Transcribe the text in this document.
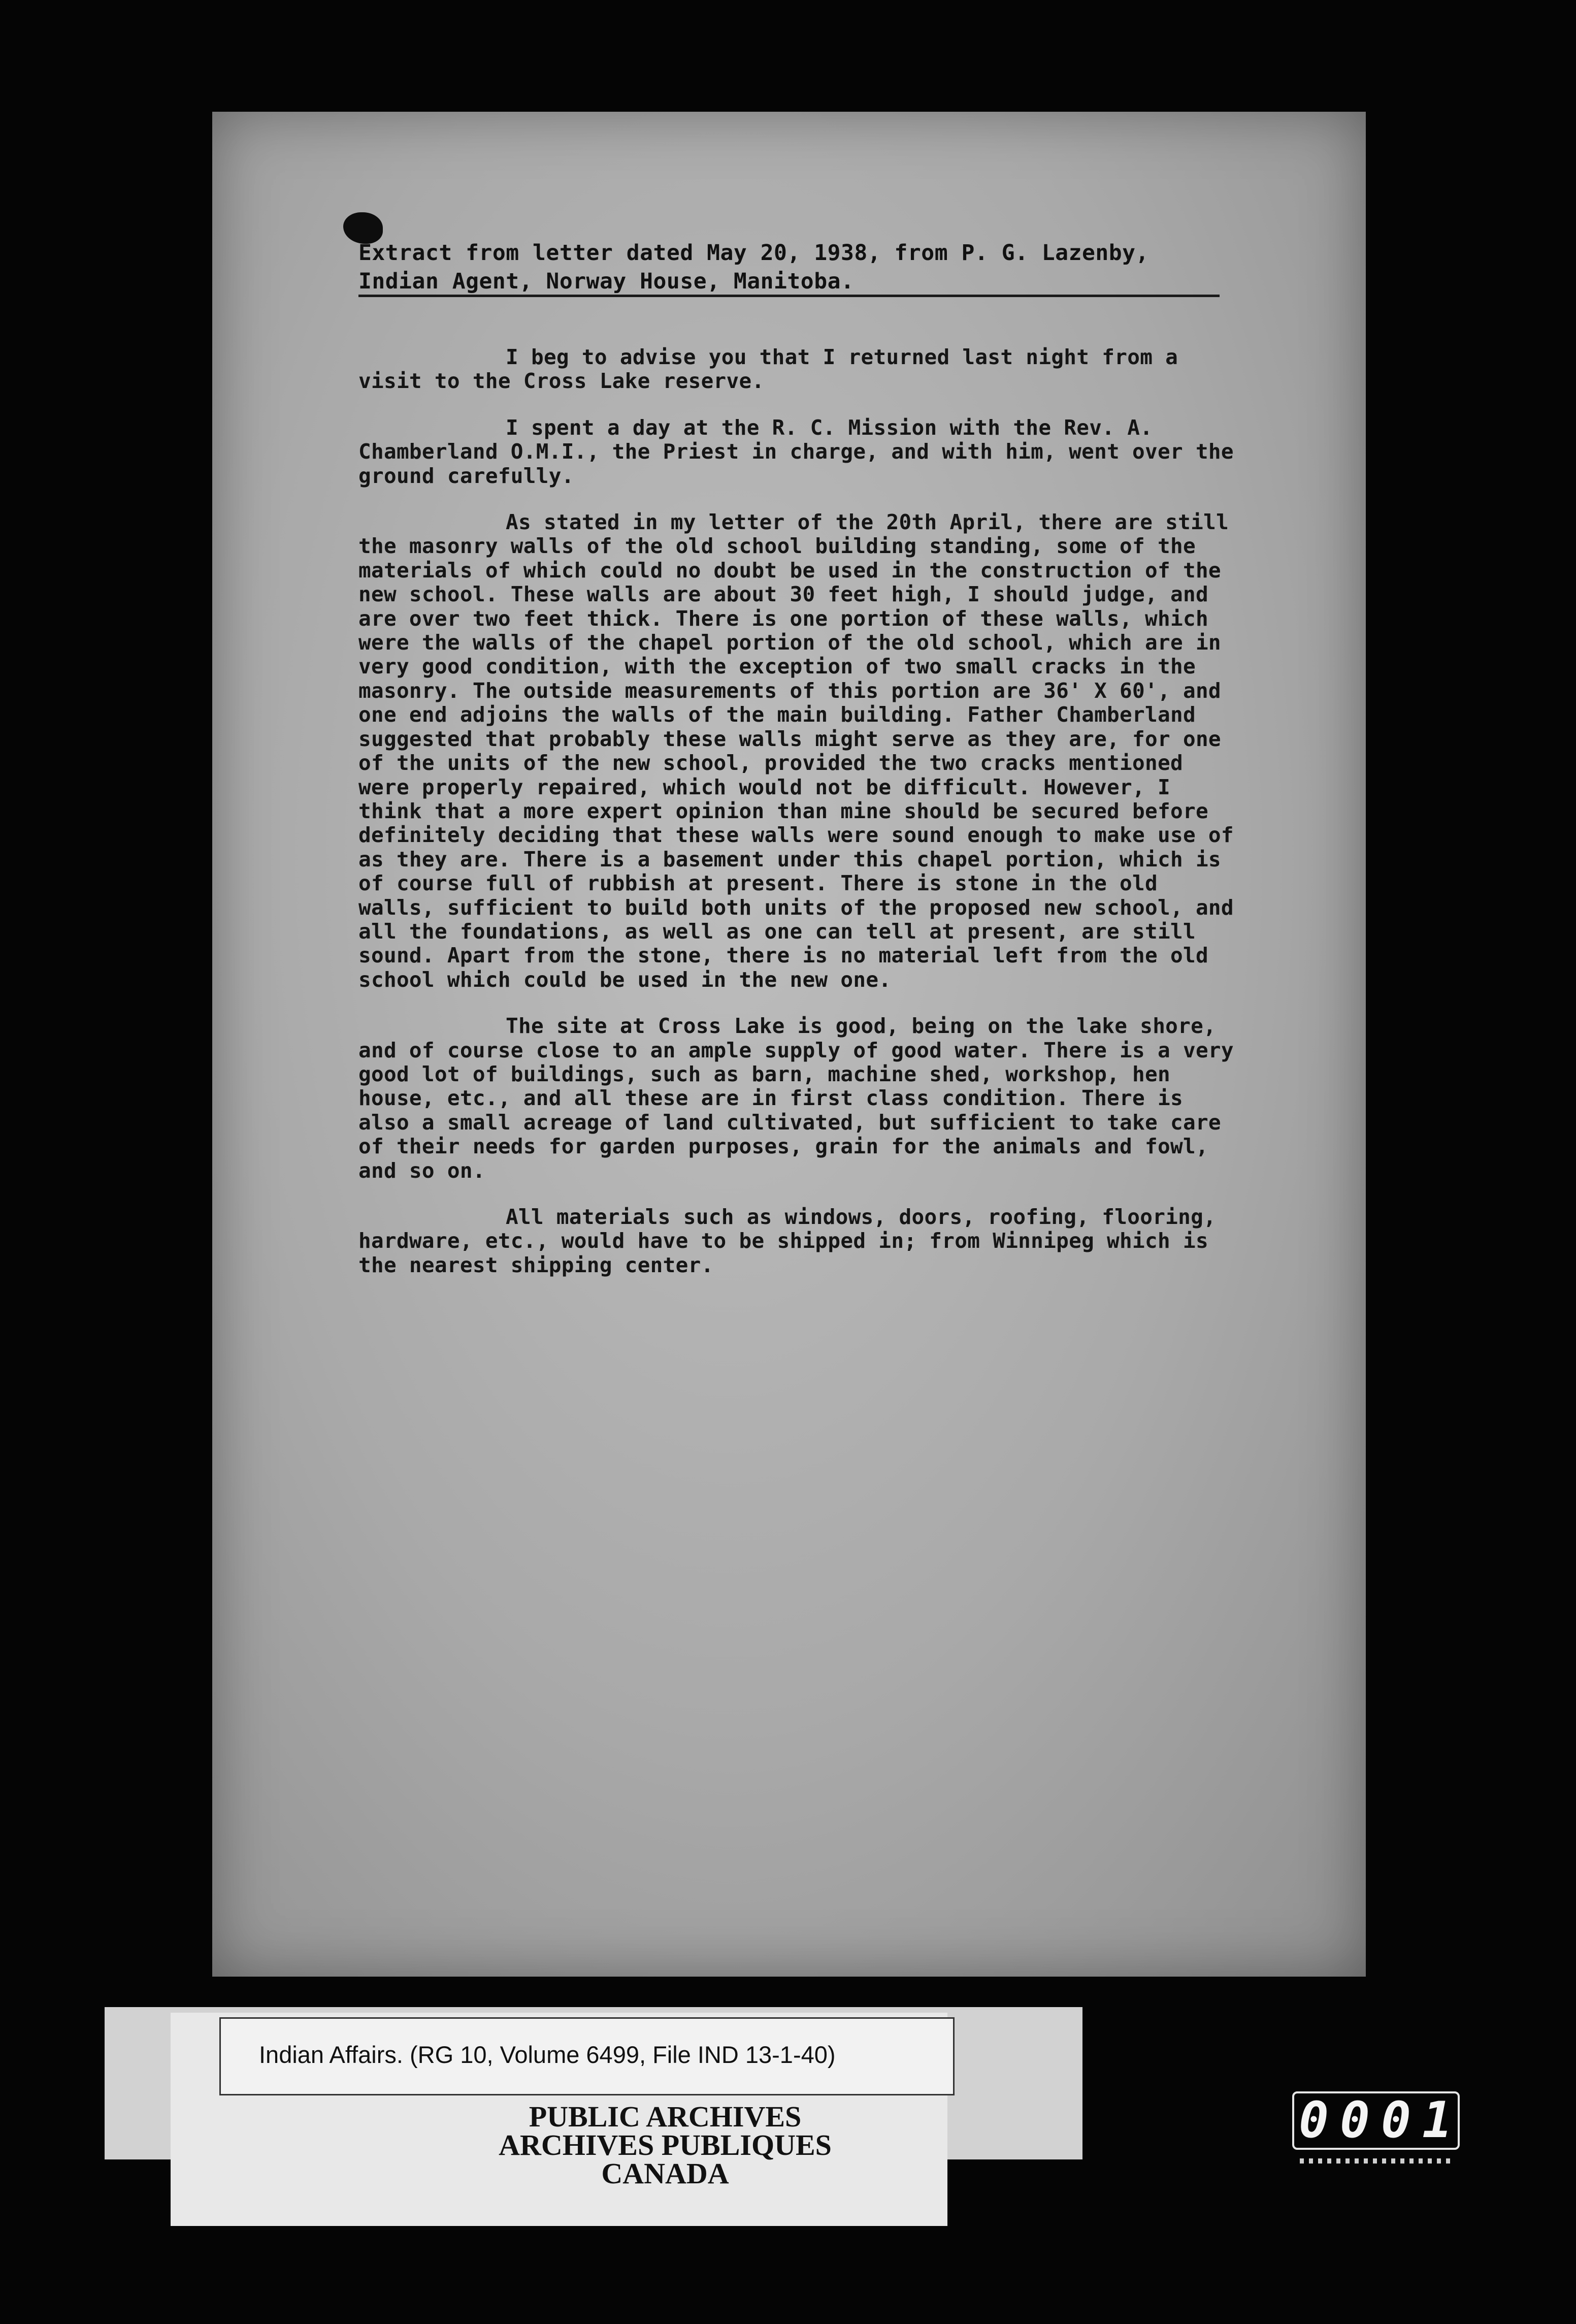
Extract from letter dated May 20, 1938, from P. G. Lazenby,
Indian Agent, Norway House, Manitoba.

I beg to advise you that I returned last night from a visit to the Cross Lake reserve.

I spent a day at the R. C. Mission with the Rev. A. Chamberland O.M.I., the Priest in charge, and with him, went over the ground carefully.

As stated in my letter of the 20th April, there are still the masonry walls of the old school building standing, some of the materials of which could no doubt be used in the construction of the new school. These walls are about 30 feet high, I should judge, and are over two feet thick. There is one portion of these walls, which were the walls of the chapel portion of the old school, which are in very good condition, with the exception of two small cracks in the masonry. The outside measurements of this portion are 36' X 60', and one end adjoins the walls of the main building. Father Chamberland suggested that probably these walls might serve as they are, for one of the units of the new school, provided the two cracks mentioned were properly repaired, which would not be difficult. However, I think that a more expert opinion than mine should be secured before definitely deciding that these walls were sound enough to make use of as they are. There is a basement under this chapel portion, which is of course full of rubbish at present. There is stone in the old walls, sufficient to build both units of the proposed new school, and all the foundations, as well as one can tell at present, are still sound. Apart from the stone, there is no material left from the old school which could be used in the new one.

The site at Cross Lake is good, being on the lake shore, and of course close to an ample supply of good water. There is a very good lot of buildings, such as barn, machine shed, workshop, hen house, etc., and all these are in first class condition. There is also a small acreage of land cultivated, but sufficient to take care of their needs for garden purposes, grain for the animals and fowl, and so on.

All materials such as windows, doors, roofing, flooring, hardware, etc., would have to be shipped in; from Winnipeg which is the nearest shipping center.

Indian Affairs. (RG 10, Volume 6499, File IND 13-1-40)
PUBLIC ARCHIVES
ARCHIVES PUBLIQUES
CANADA
0001
